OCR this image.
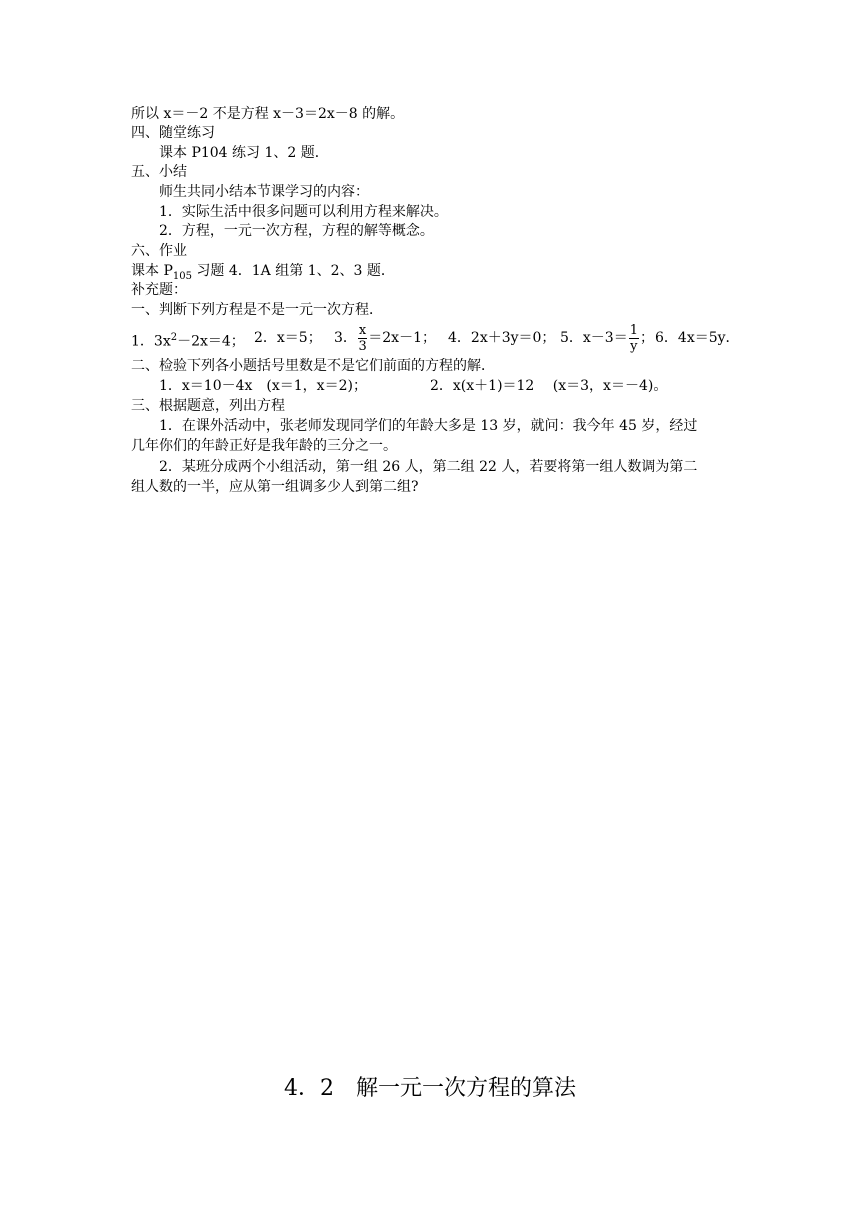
所以 x＝－2 不是方程 x－3＝2x－8 的解。
四、随堂练习
课本 P104 练习 1、2 题．
五、小结
师生共同小结本节课学习的内容：
1．实际生活中很多问题可以利用方程来解决。
2．方程，一元一次方程，方程的解等概念。
六、作业
课本 $P_{105}$ 习题 4．1A 组第 1、2、3 题．
补充题：
一、判断下列方程是不是一元一次方程．
1．$3x^2-2x=4$； 2．x＝5； 3． $\frac{x}{3} =2x-1$； 4．2x＋3y＝0； 5．$x-3= \frac{1}{y}$ ； 6．4x＝5y．
二、检验下列各小题括号里数是不是它们前面的方程的解．
1．x＝10－4x　(x＝1，x＝2)；	2．x(x＋1)＝12　 (x＝3，x＝－4)。
三、根据题意，列出方程
1．在课外活动中，张老师发现同学们的年龄大多是 13 岁，就问：我今年 45 岁，经过
几年你们的年龄正好是我年龄的三分之一。
2．某班分成两个小组活动，第一组 26 人，第二组 22 人，若要将第一组人数调为第二
组人数的一半，应从第一组调多少人到第二组?
4．2　解一元一次方程的算法
